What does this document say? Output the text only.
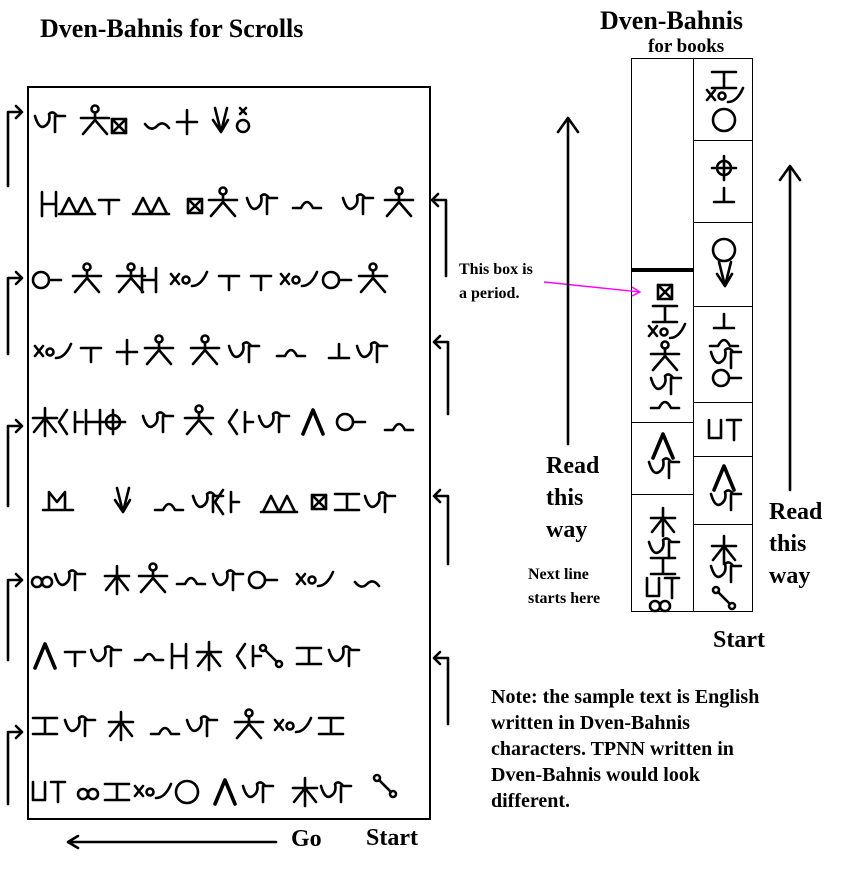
Dven-Bahnis for Scrolls
Go Start
Dven-Bahnis
for books
This box is
a period.
Read
this
way
Read
this
way
Next line
starts here
Start
Note: the sample text is English
written in Dven-Bahnis
characters. TPNN written in
Dven-Bahnis would look
different.
